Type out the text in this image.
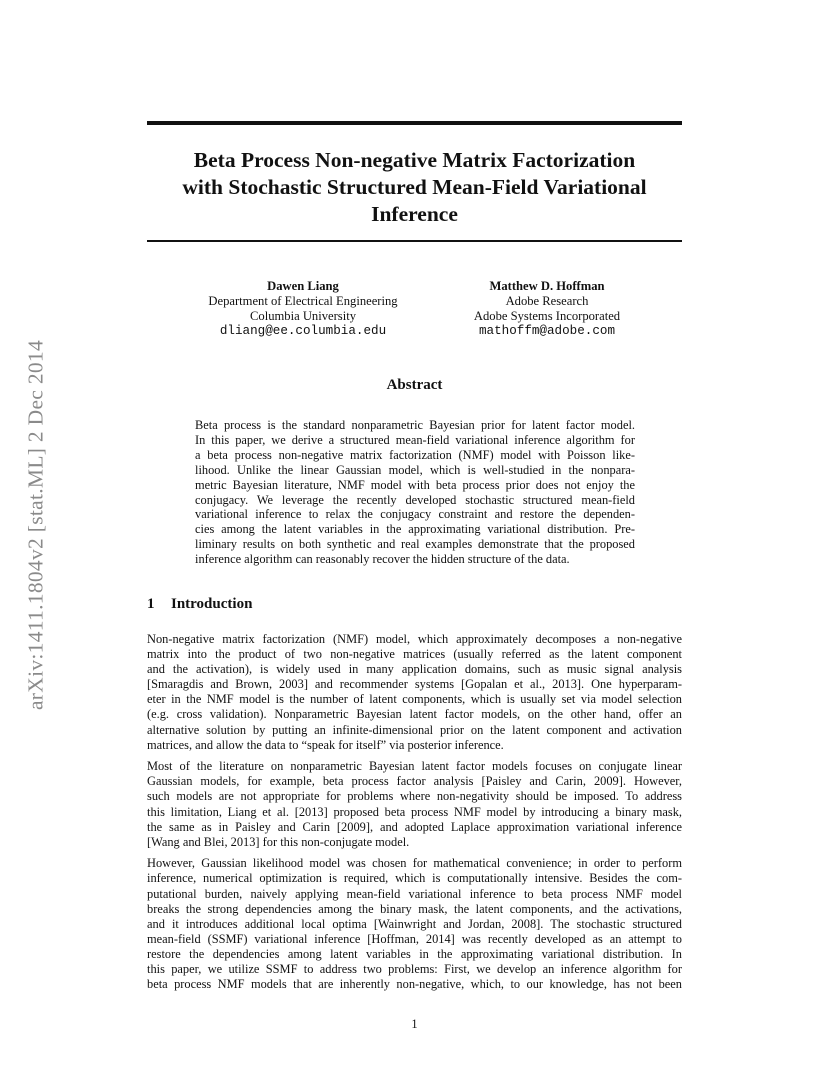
arXiv:1411.1804v2 [stat.ML] 2 Dec 2014
Beta Process Non-negative Matrix Factorization
with Stochastic Structured Mean-Field Variational
Inference
Dawen Liang
Department of Electrical Engineering
Columbia University
dliang@ee.columbia.edu
Matthew D. Hoffman
Adobe Research
Adobe Systems Incorporated
mathoffm@adobe.com
Abstract
Beta process is the standard nonparametric Bayesian prior for latent factor model.
In this paper, we derive a structured mean-field variational inference algorithm for
a beta process non-negative matrix factorization (NMF) model with Poisson like-
lihood. Unlike the linear Gaussian model, which is well-studied in the nonpara-
metric Bayesian literature, NMF model with beta process prior does not enjoy the
conjugacy. We leverage the recently developed stochastic structured mean-field
variational inference to relax the conjugacy constraint and restore the dependen-
cies among the latent variables in the approximating variational distribution. Pre-
liminary results on both synthetic and real examples demonstrate that the proposed
inference algorithm can reasonably recover the hidden structure of the data.
1 Introduction
Non-negative matrix factorization (NMF) model, which approximately decomposes a non-negative
matrix into the product of two non-negative matrices (usually referred as the latent component
and the activation), is widely used in many application domains, such as music signal analysis
[Smaragdis and Brown, 2003] and recommender systems [Gopalan et al., 2013]. One hyperparam-
eter in the NMF model is the number of latent components, which is usually set via model selection
(e.g. cross validation). Nonparametric Bayesian latent factor models, on the other hand, offer an
alternative solution by putting an infinite-dimensional prior on the latent component and activation
matrices, and allow the data to “speak for itself” via posterior inference.
Most of the literature on nonparametric Bayesian latent factor models focuses on conjugate linear
Gaussian models, for example, beta process factor analysis [Paisley and Carin, 2009]. However,
such models are not appropriate for problems where non-negativity should be imposed. To address
this limitation, Liang et al. [2013] proposed beta process NMF model by introducing a binary mask,
the same as in Paisley and Carin [2009], and adopted Laplace approximation variational inference
[Wang and Blei, 2013] for this non-conjugate model.
However, Gaussian likelihood model was chosen for mathematical convenience; in order to perform
inference, numerical optimization is required, which is computationally intensive. Besides the com-
putational burden, naively applying mean-field variational inference to beta process NMF model
breaks the strong dependencies among the binary mask, the latent components, and the activations,
and it introduces additional local optima [Wainwright and Jordan, 2008]. The stochastic structured
mean-field (SSMF) variational inference [Hoffman, 2014] was recently developed as an attempt to
restore the dependencies among latent variables in the approximating variational distribution. In
this paper, we utilize SSMF to address two problems: First, we develop an inference algorithm for
beta process NMF models that are inherently non-negative, which, to our knowledge, has not been
1
